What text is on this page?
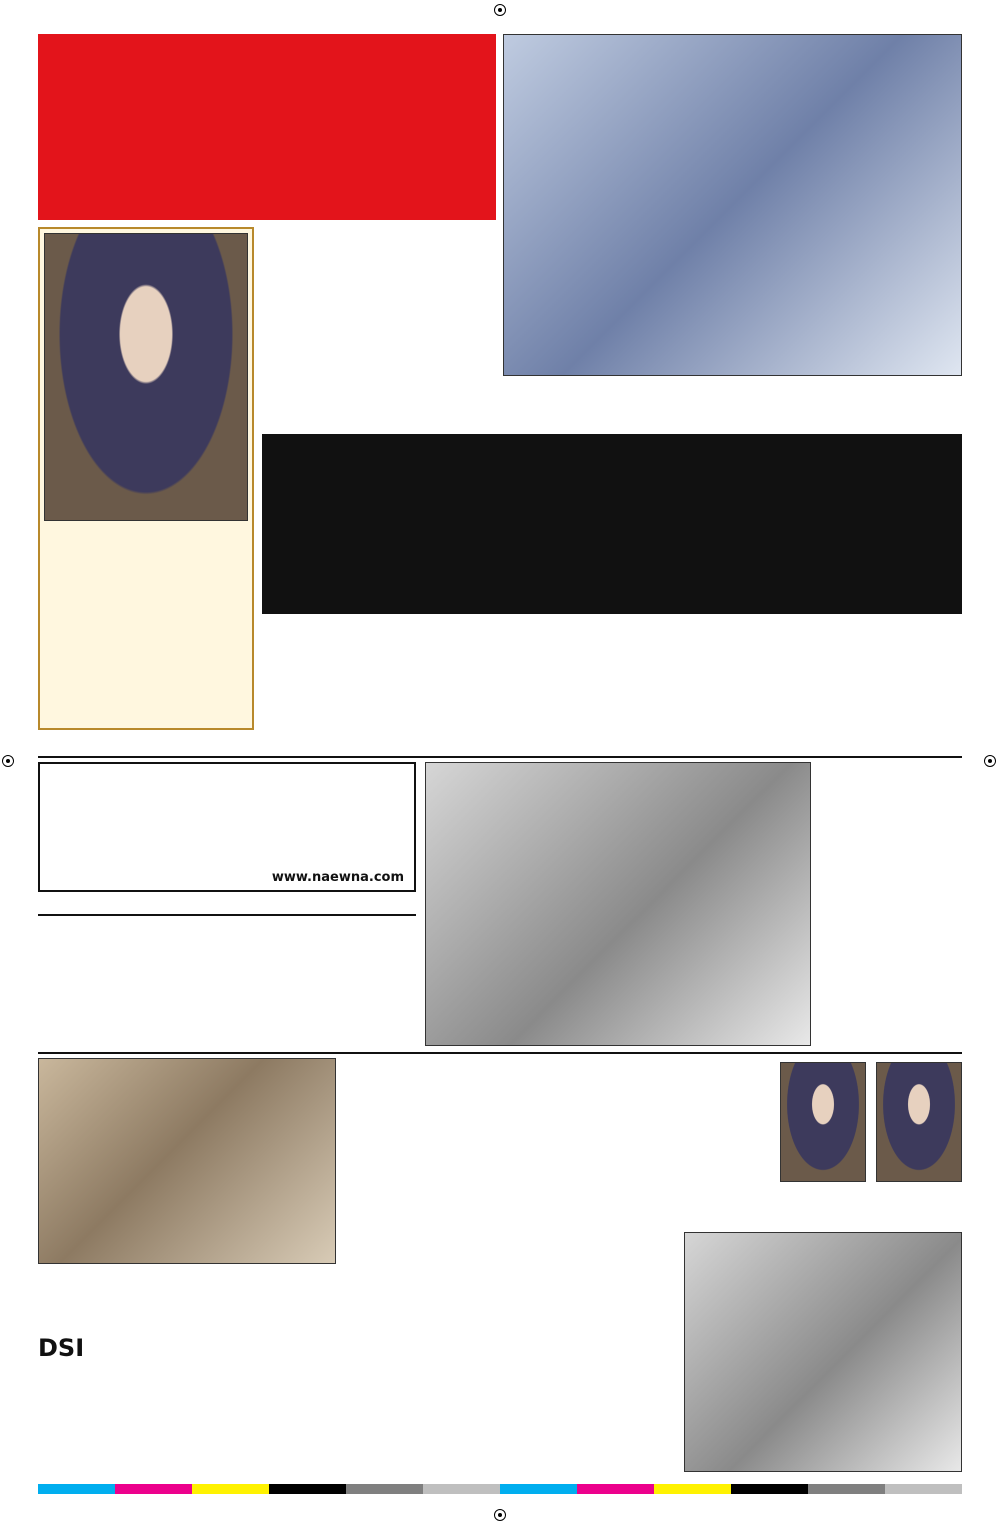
www.naewna.com
DSI
